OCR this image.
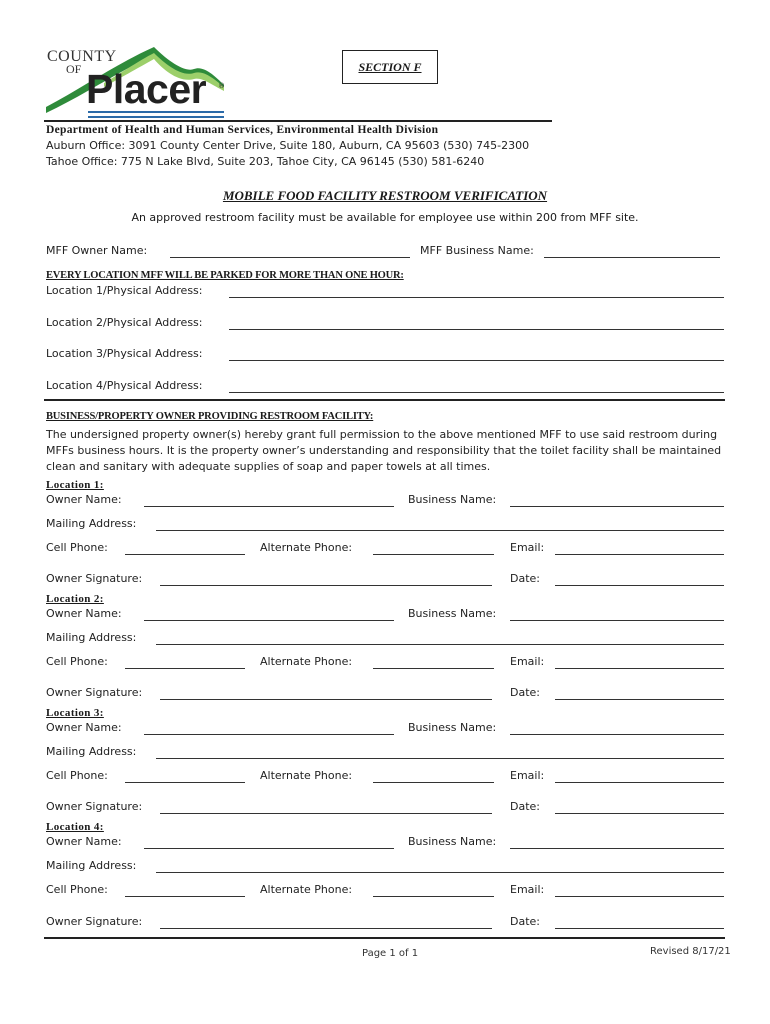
COUNTY
OF Placer ®
SECTION F
Department of Health and Human Services, Environmental Health Division
Auburn Office: 3091 County Center Drive, Suite 180, Auburn, CA 95603 (530) 745-2300
Tahoe Office: 775 N Lake Blvd, Suite 203, Tahoe City, CA 96145 (530) 581-6240
MOBILE FOOD FACILITY RESTROOM VERIFICATION
An approved restroom facility must be available for employee use within 200 from MFF site.
MFF Owner Name:	MFF Business Name:
EVERY LOCATION MFF WILL BE PARKED FOR MORE THAN ONE HOUR:
Location 1/Physical Address:
Location 2/Physical Address:
Location 3/Physical Address:
Location 4/Physical Address:
BUSINESS/PROPERTY OWNER PROVIDING RESTROOM FACILITY:
The undersigned property owner(s) hereby grant full permission to the above mentioned MFF to use said restroom during MFFs business hours. It is the property owner’s understanding and responsibility that the toilet facility shall be maintained clean and sanitary with adequate supplies of soap and paper towels at all times.
Location 1:
Owner Name:	Business Name:
Mailing Address:
Cell Phone:	Alternate Phone:	Email:
Owner Signature:	Date:
Location 2:
Owner Name:	Business Name:
Mailing Address:
Cell Phone:	Alternate Phone:	Email:
Owner Signature:	Date:
Location 3:
Owner Name:	Business Name:
Mailing Address:
Cell Phone:	Alternate Phone:	Email:
Owner Signature:	Date:
Location 4:
Owner Name:	Business Name:
Mailing Address:
Cell Phone:	Alternate Phone:	Email:
Owner Signature:	Date:
Page 1 of 1	Revised 8/17/21
